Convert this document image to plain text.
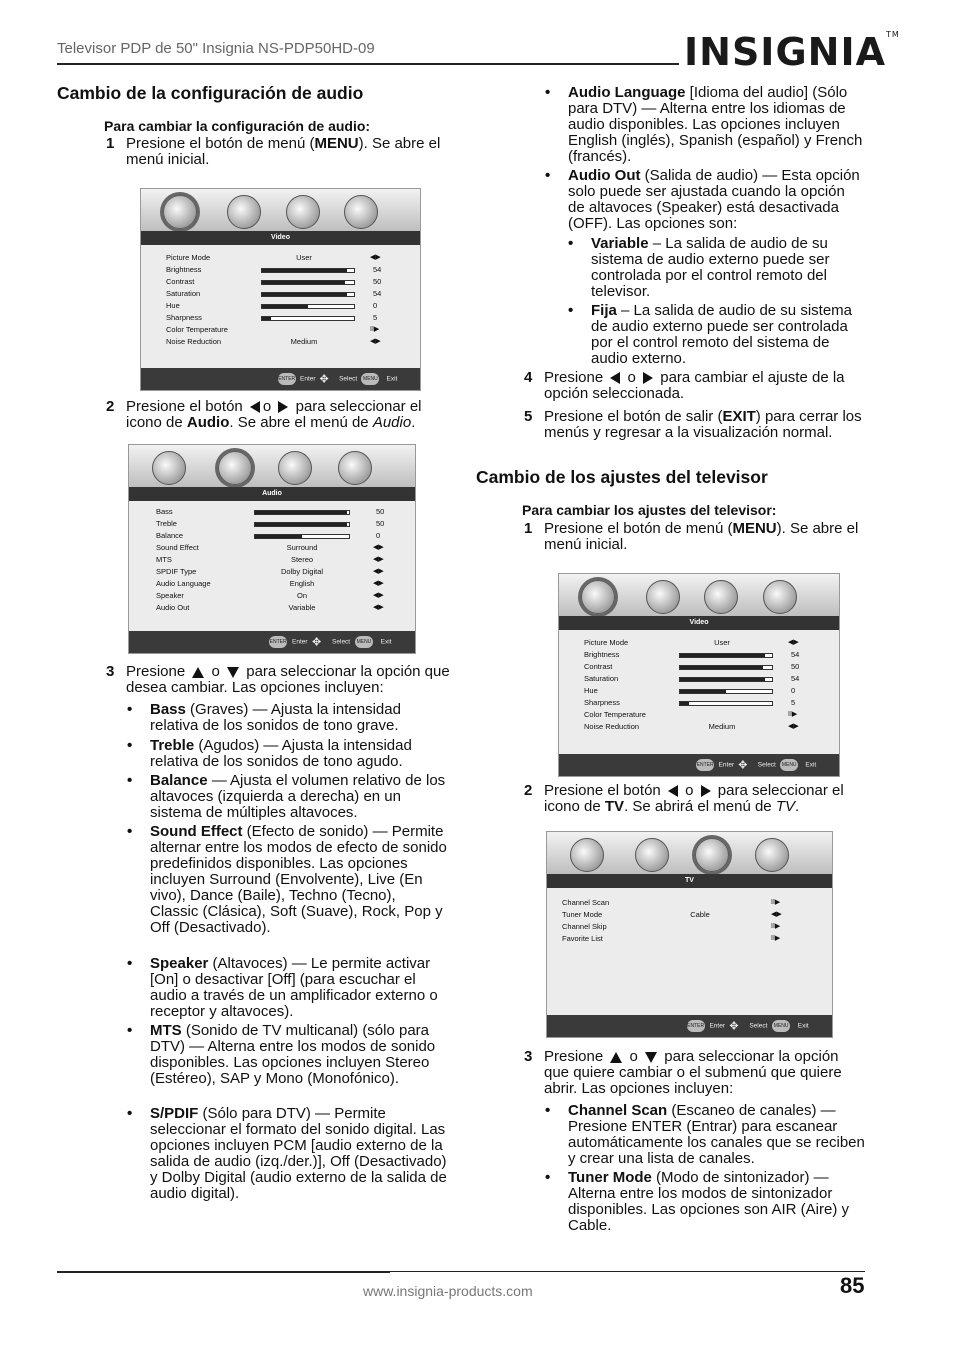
Televisor PDP de 50" Insignia NS-PDP50HD-09	INSIGNIA™
Cambio de la configuración de audio
Para cambiar la configuración de audio:
1 Presione el botón de menú (MENU). Se abre el menú inicial.
Video
Picture Mode	User	◀▶
Brightness	54
Contrast	50
Saturation	54
Hue	0
Sharpness	5
Color Temperature	II▶
Noise Reduction	Medium	◀▶
ENTER Enter ✥ Select	MENU Exit
2 Presione el botón o para seleccionar el icono de Audio. Se abre el menú de Audio.
Audio
Bass	50
Treble	50
Balance	0
Sound Effect	Surround	◀▶
MTS	Stereo	◀▶
SPDIF Type	Dolby Digital	◀▶
Audio Language	English	◀▶
Speaker	On	◀▶
Audio Out	Variable	◀▶
ENTER Enter ✥ Select	MENU Exit
3 Presione o para seleccionar la opción que desea cambiar. Las opciones incluyen:
• Bass (Graves) — Ajusta la intensidad relativa de los sonidos de tono grave.
• Treble (Agudos) — Ajusta la intensidad relativa de los sonidos de tono agudo.
• Balance — Ajusta el volumen relativo de los altavoces (izquierda a derecha) en un sistema de múltiples altavoces.
• Sound Effect (Efecto de sonido) — Permite alternar entre los modos de efecto de sonido predefinidos disponibles. Las opciones incluyen Surround (Envolvente), Live (En vivo), Dance (Baile), Techno (Tecno), Classic (Clásica), Soft (Suave), Rock, Pop y Off (Desactivado).
• Speaker (Altavoces) — Le permite activar [On] o desactivar [Off] (para escuchar el audio a través de un amplificador externo o receptor y altavoces).
• MTS (Sonido de TV multicanal) (sólo para DTV) — Alterna entre los modos de sonido disponibles. Las opciones incluyen Stereo (Estéreo), SAP y Mono (Monofónico).
• S/PDIF (Sólo para DTV) — Permite seleccionar el formato del sonido digital. Las opciones incluyen PCM [audio externo de la salida de audio (izq./der.)], Off (Desactivado) y Dolby Digital (audio externo de la salida de audio digital).
• Audio Language [Idioma del audio] (Sólo para DTV) — Alterna entre los idiomas de audio disponibles. Las opciones incluyen English (inglés), Spanish (español) y French (francés).
• Audio Out (Salida de audio) — Esta opción solo puede ser ajustada cuando la opción de altavoces (Speaker) está desactivada (OFF). Las opciones son:
• Variable – La salida de audio de su sistema de audio externo puede ser controlada por el control remoto del televisor.
• Fija – La salida de audio de su sistema de audio externo puede ser controlada por el control remoto del sistema de audio externo.
4 Presione o para cambiar el ajuste de la opción seleccionada.
5 Presione el botón de salir (EXIT) para cerrar los menús y regresar a la visualización normal.
Cambio de los ajustes del televisor
Para cambiar los ajustes del televisor:
1 Presione el botón de menú (MENU). Se abre el menú inicial.
Video
Picture Mode	User	◀▶
Brightness	54
Contrast	50
Saturation	54
Hue	0
Sharpness	5
Color Temperature	II▶
Noise Reduction	Medium	◀▶
ENTER Enter ✥ Select	MENU Exit
2 Presione el botón o para seleccionar el icono de TV. Se abrirá el menú de TV.
TV
Channel Scan	II▶
Tuner Mode	Cable	◀▶
Channel Skip	II▶
Favorite List	II▶
ENTER Enter ✥ Select	MENU Exit
3 Presione o para seleccionar la opción que quiere cambiar o el submenú que quiere abrir. Las opciones incluyen:
• Channel Scan (Escaneo de canales) — Presione ENTER (Entrar) para escanear automáticamente los canales que se reciben y crear una lista de canales.
• Tuner Mode (Modo de sintonizador) — Alterna entre los modos de sintonizador disponibles. Las opciones son AIR (Aire) y Cable.
www.insignia-products.com	85
